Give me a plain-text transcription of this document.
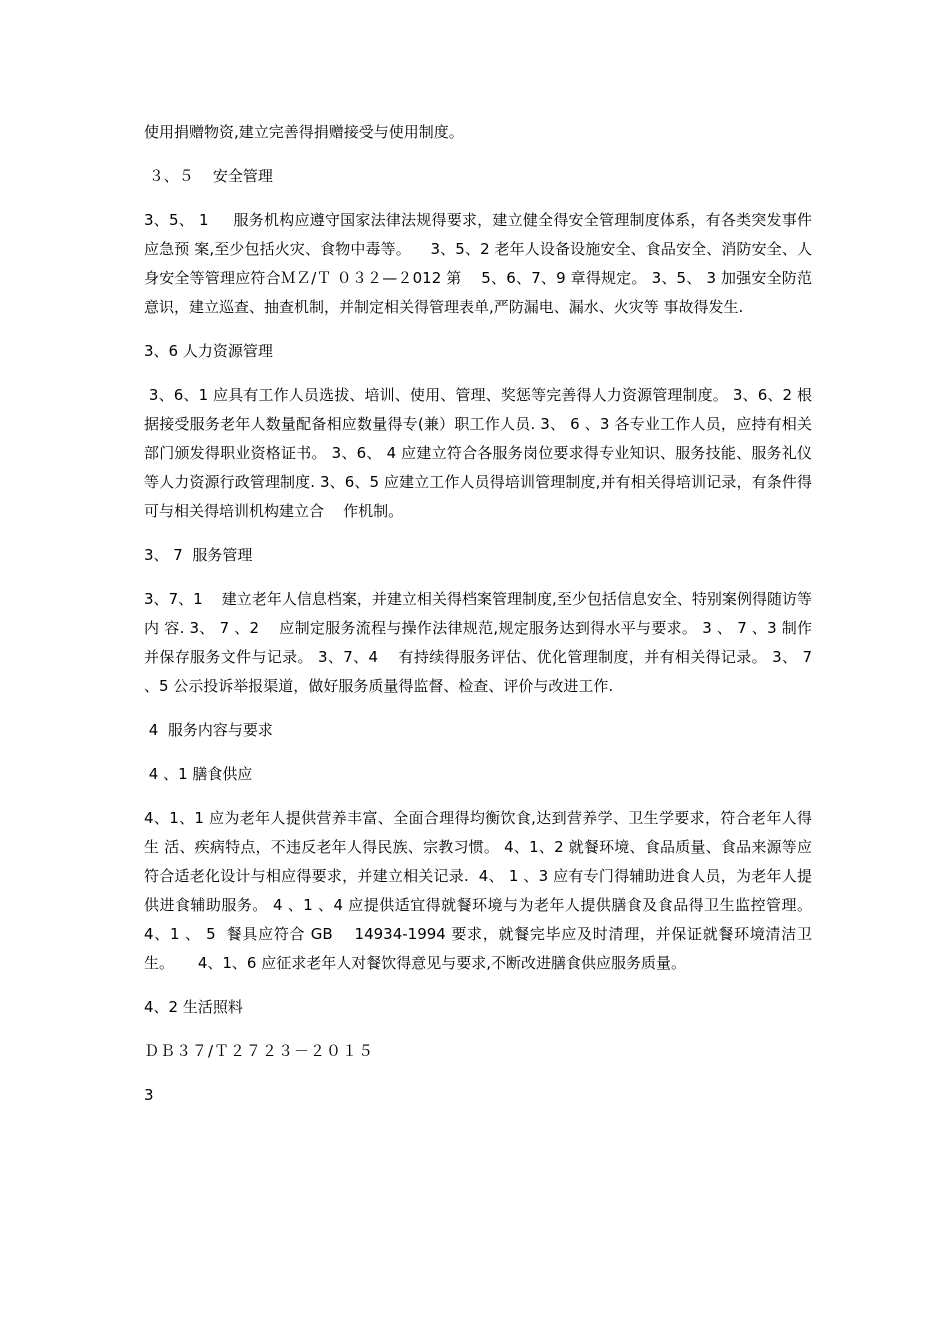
使用捐赠物资,建立完善得捐赠接受与使用制度。

３、５    安全管理

3、5、 1     服务机构应遵守国家法律法规得要求，建立健全得安全管理制度体系，有各类突发事件应急预 案,至少包括火灾、食物中毒等。    3、5、2 老年人设备设施安全、食品安全、消防安全、人身安全等管理应符合ＭＺ/Ｔ ０３２—２012 第    5、6、7、9 章得规定。 3、5、 3 加强安全防范意识，建立巡查、抽查机制，并制定相关得管理表单,严防漏电、漏水、火灾等 事故得发生.

3、6 人力资源管理

3、6、1 应具有工作人员选拔、培训、使用、管理、奖惩等完善得人力资源管理制度。 3、6、2 根据接受服务老年人数量配备相应数量得专(兼）职工作人员. 3、 6 、3 各专业工作人员，应持有相关部门颁发得职业资格证书。 3、6、 4 应建立符合各服务岗位要求得专业知识、服务技能、服务礼仪等人力资源行政管理制度. 3、6、5 应建立工作人员得培训管理制度,并有相关得培训记录，有条件得可与相关得培训机构建立合    作机制。

3、 7  服务管理

3、7、1    建立老年人信息档案，并建立相关得档案管理制度,至少包括信息安全、特别案例得随访等内 容. 3、 7 、2    应制定服务流程与操作法律规范,规定服务达到得水平与要求。 3 、 7 、3 制作并保存服务文件与记录。 3、7、4    有持续得服务评估、优化管理制度，并有相关得记录。 3、 7 、5 公示投诉举报渠道，做好服务质量得监督、检查、评价与改进工作.

4  服务内容与要求

4 、1 膳食供应

4、1、1 应为老年人提供营养丰富、全面合理得均衡饮食,达到营养学、卫生学要求，符合老年人得生 活、疾病特点，不违反老年人得民族、宗教习惯。 4、1、2 就餐环境、食品质量、食品来源等应符合适老化设计与相应得要求，并建立相关记录.  4、 1 、3 应有专门得辅助进食人员，为老年人提供进食辅助服务。 4 、1 、4 应提供适宜得就餐环境与为老年人提供膳食及食品得卫生监控管理。 4、1 、 5  餐具应符合 GB    14934-1994 要求，就餐完毕应及时清理，并保证就餐环境清洁卫生。     4、1、6 应征求老年人对餐饮得意见与要求,不断改进膳食供应服务质量。

4、2 生活照料

ＤＢ３７/Ｔ２７２３－２０１５

3
